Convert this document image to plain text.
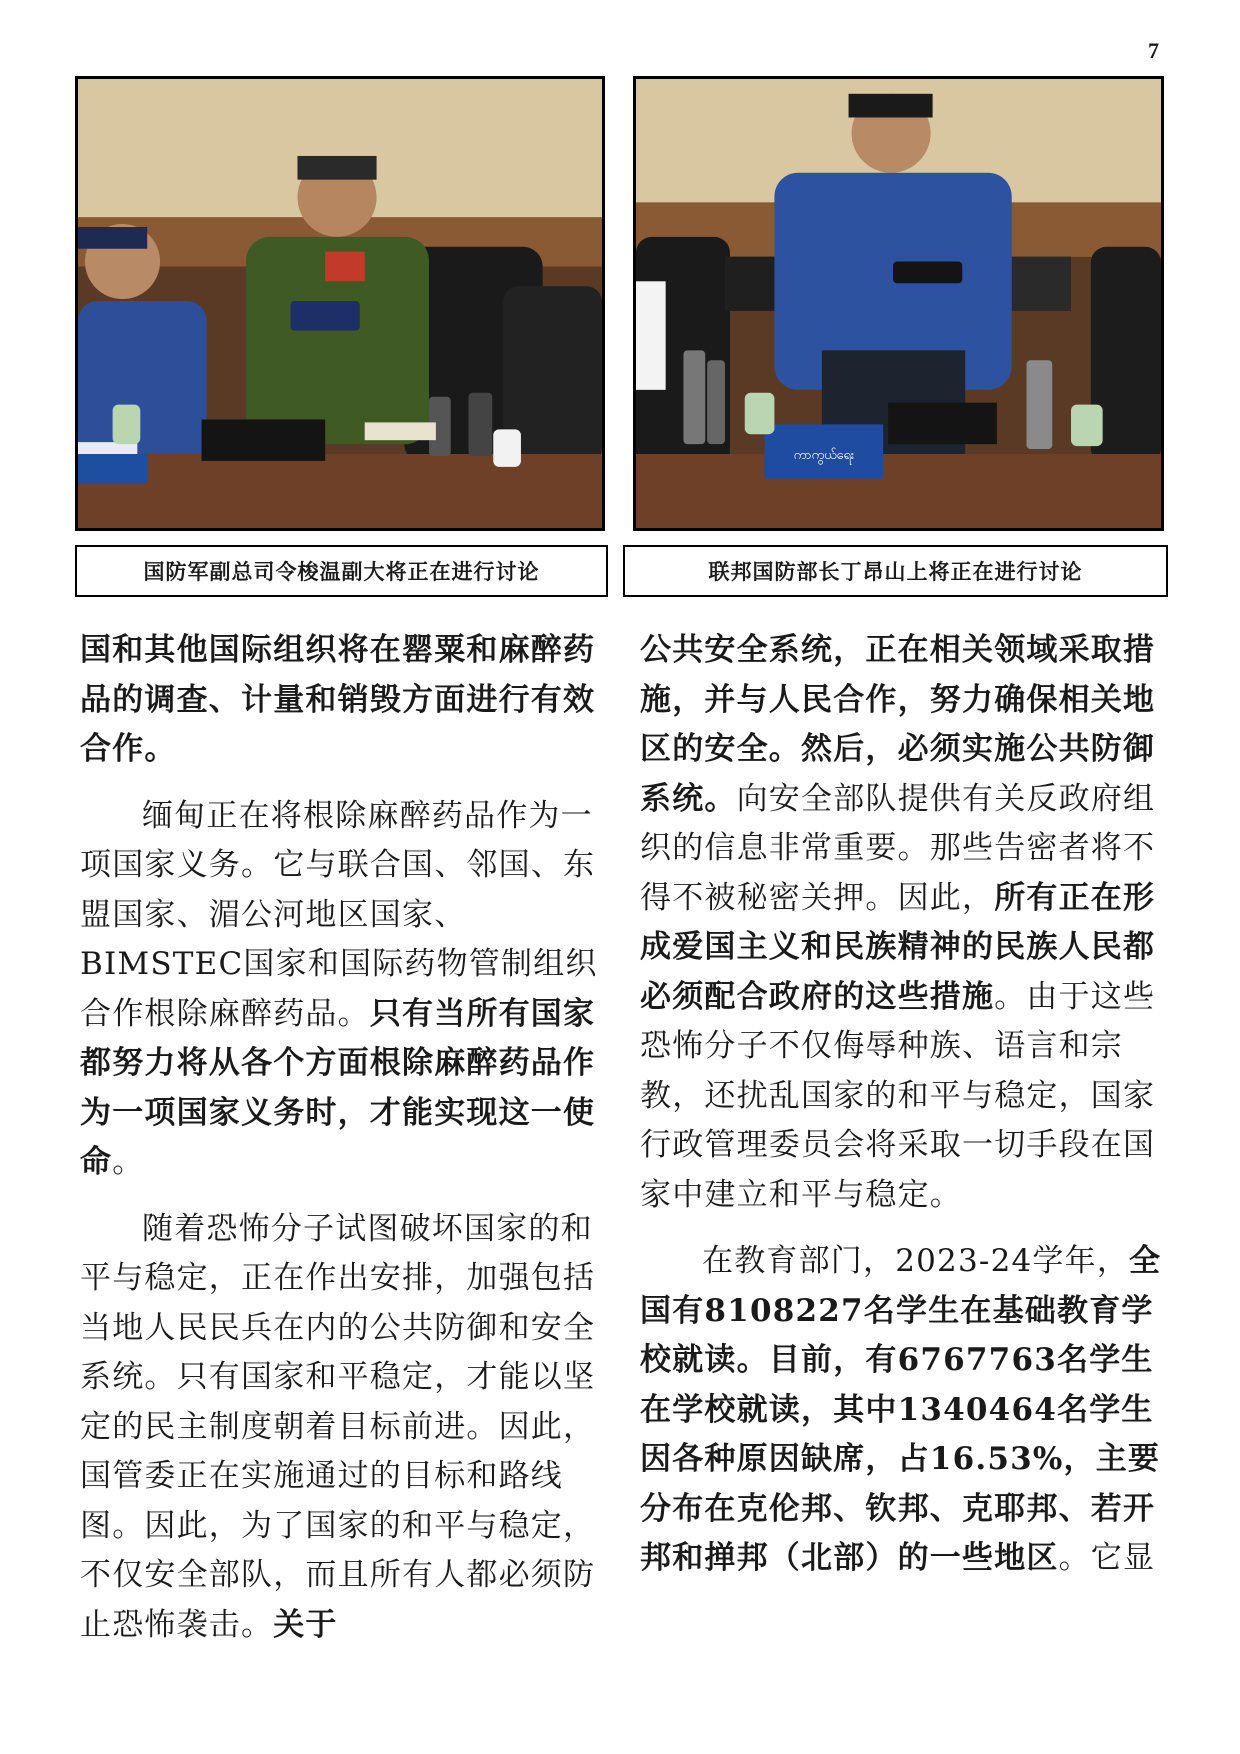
7
ကာကွယ်ရေး
国防军副总司令梭温副大将正在进行讨论	联邦国防部长丁昂山上将正在进行讨论

国和其他国际组织将在罂粟和麻醉药品的调查、计量和销毁方面进行有效合作。

缅甸正在将根除麻醉药品作为一项国家义务。它与联合国、邻国、东盟国家、湄公河地区国家、BIMSTEC国家和国际药物管制组织合作根除麻醉药品。只有当所有国家都努力将从各个方面根除麻醉药品作为一项国家义务时，才能实现这一使命。

随着恐怖分子试图破坏国家的和平与稳定，正在作出安排，加强包括当地人民民兵在内的公共防御和安全系统。只有国家和平稳定，才能以坚定的民主制度朝着目标前进。因此，国管委正在实施通过的目标和路线图。因此，为了国家的和平与稳定，不仅安全部队，而且所有人都必须防止恐怖袭击。关于

公共安全系统，正在相关领域采取措施，并与人民合作，努力确保相关地区的安全。然后，必须实施公共防御系统。向安全部队提供有关反政府组织的信息非常重要。那些告密者将不得不被秘密关押。因此，所有正在形成爱国主义和民族精神的民族人民都必须配合政府的这些措施。由于这些恐怖分子不仅侮辱种族、语言和宗教，还扰乱国家的和平与稳定，国家行政管理委员会将采取一切手段在国家中建立和平与稳定。

在教育部门，2023-24学年，全国有8108227名学生在基础教育学校就读。目前，有6767763名学生在学校就读，其中1340464名学生因各种原因缺席，占16.53%，主要分布在克伦邦、钦邦、克耶邦、若开邦和掸邦（北部）的一些地区。它显
